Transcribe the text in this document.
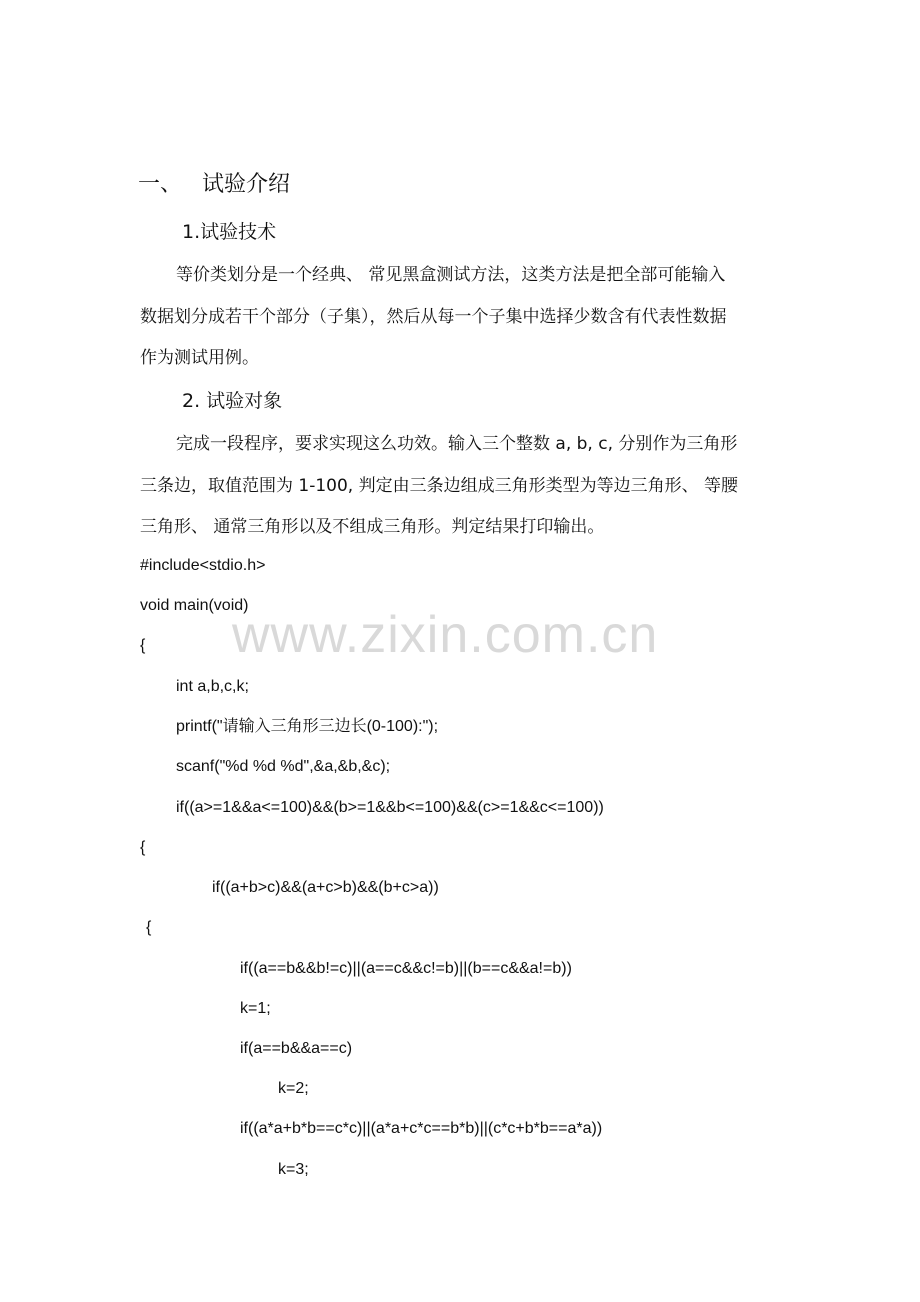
www.zixin.com.cn
一、 试验介绍
1.试验技术
等价类划分是一个经典、 常见黑盒测试方法，这类方法是把全部可能输入
数据划分成若干个部分（子集），然后从每一个子集中选择少数含有代表性数据
作为测试用例。
2. 试验对象
完成一段程序，要求实现这么功效。输入三个整数 a, b, c, 分别作为三角形
三条边，取值范围为 1-100, 判定由三条边组成三角形类型为等边三角形、 等腰
三角形、 通常三角形以及不组成三角形。判定结果打印输出。
#include<stdio.h>
void main(void)
{
int a,b,c,k;
printf("请输入三角形三边长(0-100):");
scanf("%d %d %d",&a,&b,&c);
if((a>=1&&a<=100)&&(b>=1&&b<=100)&&(c>=1&&c<=100))
{
if((a+b>c)&&(a+c>b)&&(b+c>a))
{
if((a==b&&b!=c)||(a==c&&c!=b)||(b==c&&a!=b))
k=1;
if(a==b&&a==c)
k=2;
if((a*a+b*b==c*c)||(a*a+c*c==b*b)||(c*c+b*b==a*a))
k=3;
